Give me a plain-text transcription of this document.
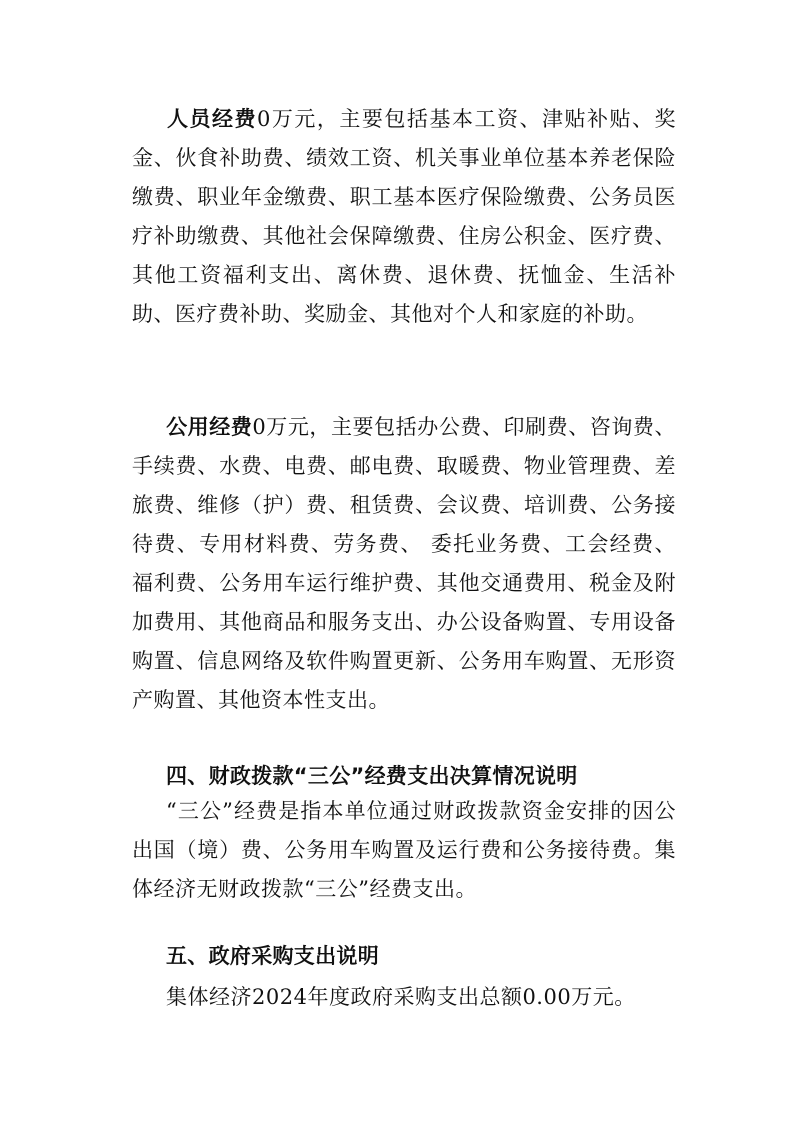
人员经费0万元，主要包括基本工资、津贴补贴、奖金、伙食补助费、绩效工资、机关事业单位基本养老保险缴费、职业年金缴费、职工基本医疗保险缴费、公务员医疗补助缴费、其他社会保障缴费、住房公积金、医疗费、其他工资福利支出、离休费、退休费、抚恤金、生活补助、医疗费补助、奖励金、其他对个人和家庭的补助。

公用经费0万元，主要包括办公费、印刷费、咨询费、手续费、水费、电费、邮电费、取暖费、物业管理费、差旅费、维修（护）费、租赁费、会议费、培训费、公务接待费、专用材料费、劳务费、 委托业务费、工会经费、福利费、公务用车运行维护费、其他交通费用、税金及附加费用、其他商品和服务支出、办公设备购置、专用设备购置、信息网络及软件购置更新、公务用车购置、无形资产购置、其他资本性支出。

四、财政拨款“三公”经费支出决算情况说明

“三公”经费是指本单位通过财政拨款资金安排的因公出国（境）费、公务用车购置及运行费和公务接待费。集体经济无财政拨款“三公”经费支出。

五、政府采购支出说明

集体经济2024年度政府采购支出总额0.00万元。
